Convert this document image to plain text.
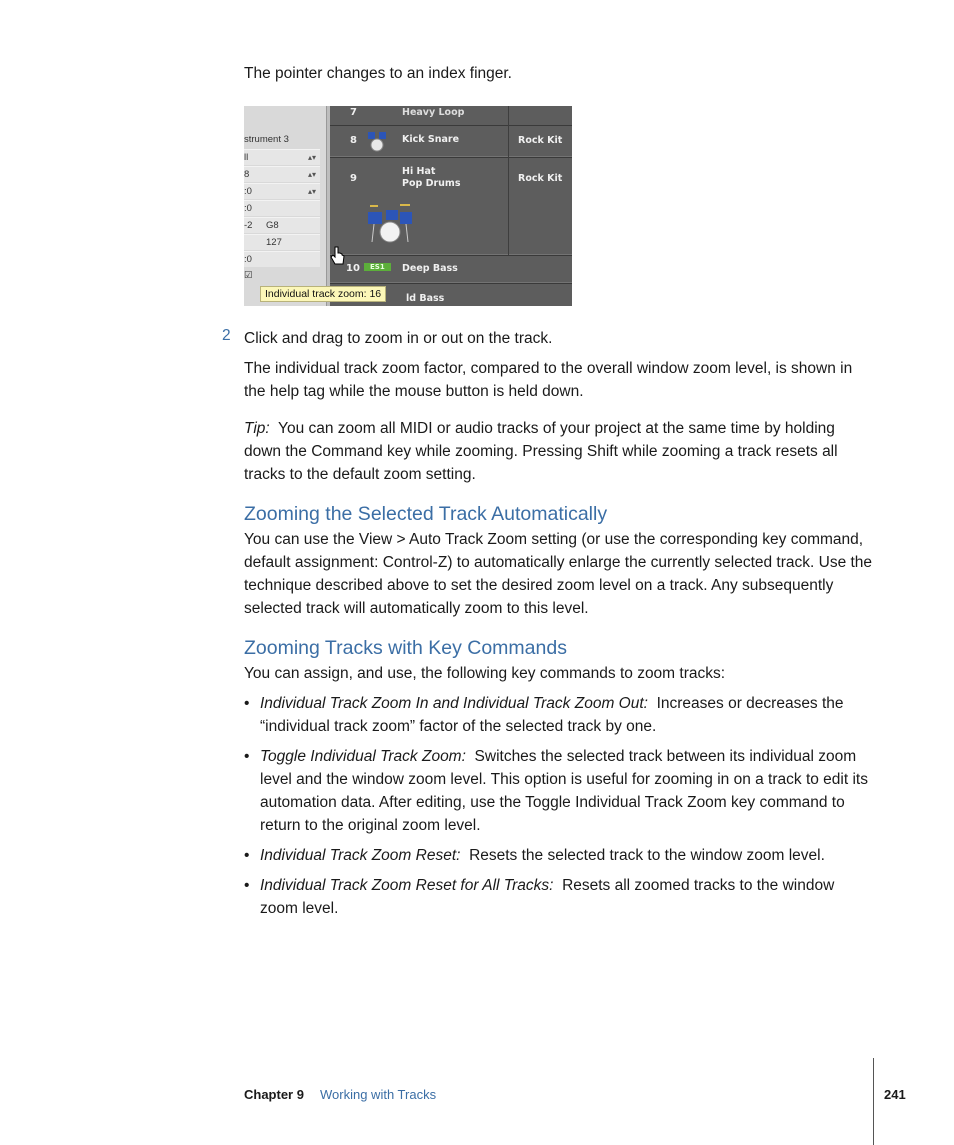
The pointer changes to an index finger.

strument 3
ll	▴▾
8	▴▾
:0	▴▾
:0
-2 G8
127
:0
☑
7	Heavy Loop
8	Kick Snare	Rock Kit
9
Hi Hat
Pop Drums	Rock Kit
10	ES1	Deep Bass
ld Bass
Individual track zoom: 16
2 Click and drag to zoom in or out on the track.

The individual track zoom factor, compared to the overall window zoom level, is shown in the help tag while the mouse button is held down.

Tip: You can zoom all MIDI or audio tracks of your project at the same time by holding down the Command key while zooming. Pressing Shift while zooming a track resets all tracks to the default zoom setting.

Zooming the Selected Track Automatically

You can use the View > Auto Track Zoom setting (or use the corresponding key command, default assignment: Control-Z) to automatically enlarge the currently selected track. Use the technique described above to set the desired zoom level on a track. Any subsequently selected track will automatically zoom to this level.

Zooming Tracks with Key Commands

You can assign, and use, the following key commands to zoom tracks:

• Individual Track Zoom In and Individual Track Zoom Out: Increases or decreases the “individual track zoom” factor of the selected track by one.

• Toggle Individual Track Zoom: Switches the selected track between its individual zoom level and the window zoom level. This option is useful for zooming in on a track to edit its automation data. After editing, use the Toggle Individual Track Zoom key command to return to the original zoom level.

• Individual Track Zoom Reset: Resets the selected track to the window zoom level.

• Individual Track Zoom Reset for All Tracks: Resets all zoomed tracks to the window zoom level.

Chapter 9 Working with Tracks	241
